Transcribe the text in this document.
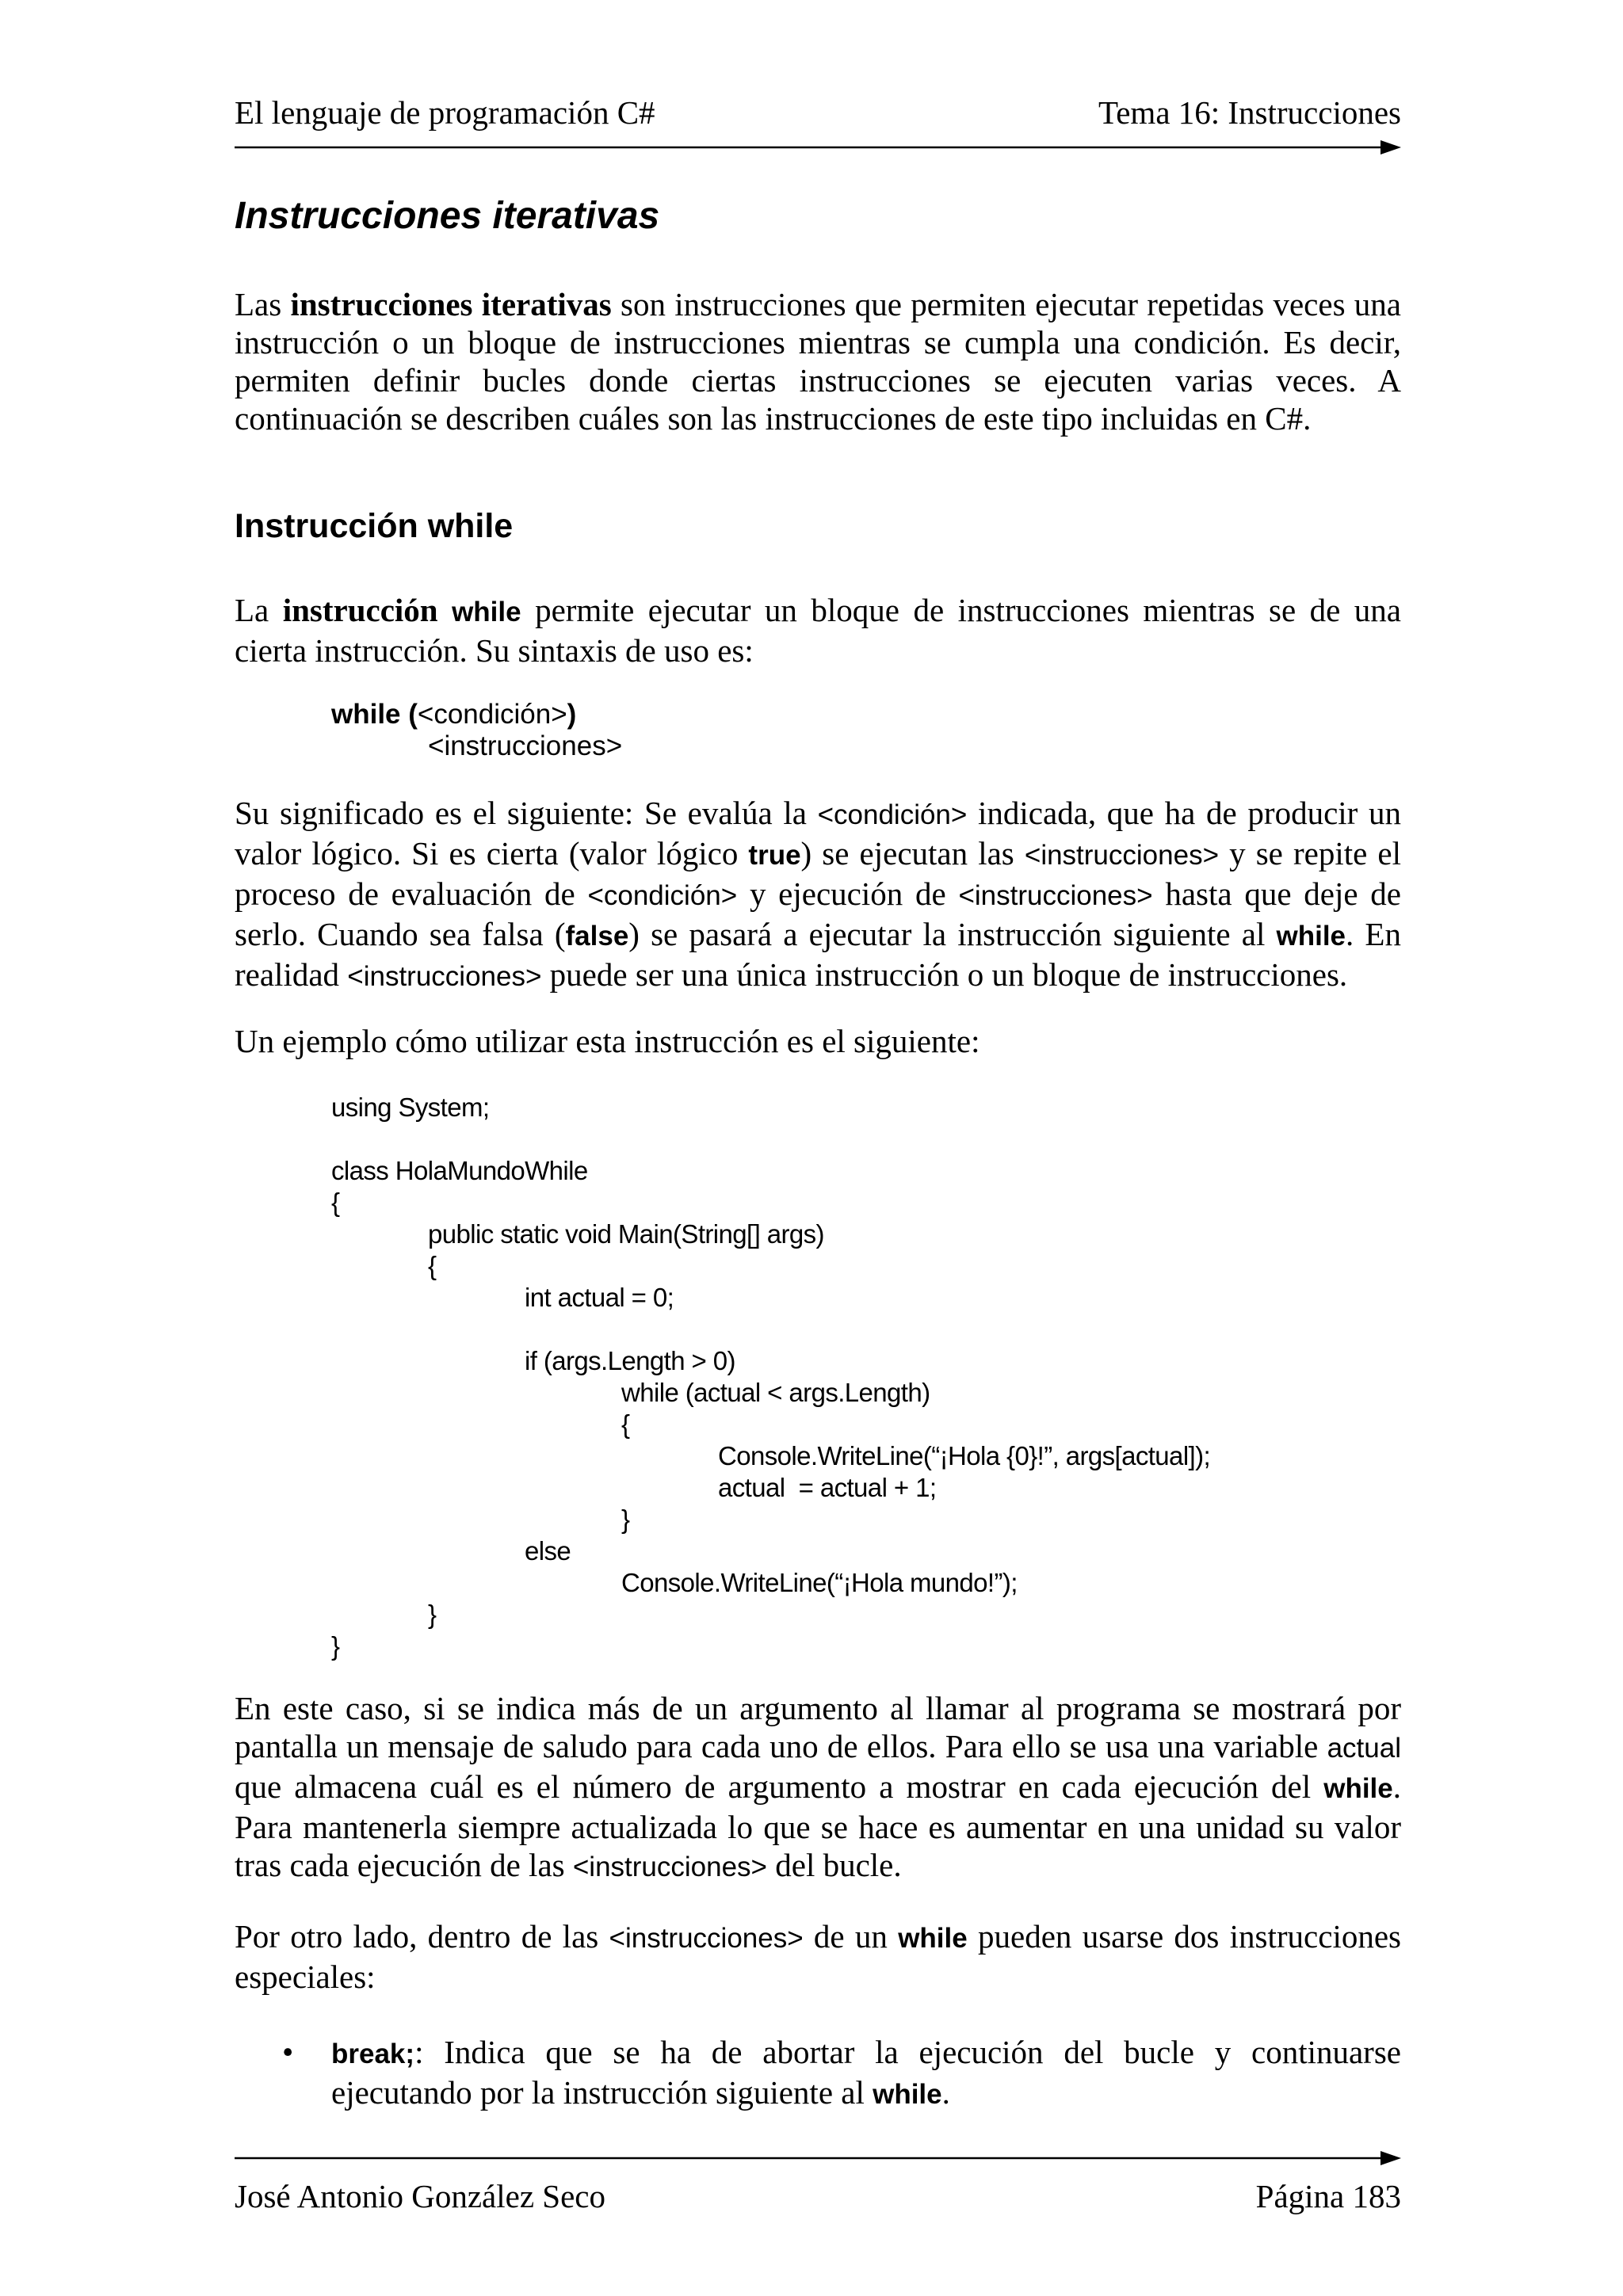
El lenguaje de programación C#	Tema 16: Instrucciones
Instrucciones iterativas

Las instrucciones iterativas son instrucciones que permiten ejecutar repetidas veces una instrucción o un bloque de instrucciones mientras se cumpla una condición. Es decir, permiten definir bucles donde ciertas instrucciones se ejecuten varias veces. A continuación se describen cuáles son las instrucciones de este tipo incluidas en C#.

Instrucción while

La instrucción while permite ejecutar un bloque de instrucciones mientras se de una cierta instrucción. Su sintaxis de uso es:

while (<condición>)
<instrucciones>

Su significado es el siguiente: Se evalúa la <condición> indicada, que ha de producir un valor lógico. Si es cierta (valor lógico true) se ejecutan las <instrucciones> y se repite el proceso de evaluación de <condición> y ejecución de <instrucciones> hasta que deje de serlo. Cuando sea falsa (false) se pasará a ejecutar la instrucción siguiente al while. En realidad <instrucciones> puede ser una única instrucción o un bloque de instrucciones.

Un ejemplo cómo utilizar esta instrucción es el siguiente:

using System;
class HolaMundoWhile
{
public static void Main(String[] args)
{
int actual = 0;
if (args.Length > 0)
while (actual < args.Length)
{
Console.WriteLine(“¡Hola {0}!”, args[actual]);
actual  = actual + 1;
}
else
Console.WriteLine(“¡Hola mundo!”);
}
}

En este caso, si se indica más de un argumento al llamar al programa se mostrará por pantalla un mensaje de saludo para cada uno de ellos. Para ello se usa una variable actual que almacena cuál es el número de argumento a mostrar en cada ejecución del while. Para mantenerla siempre actualizada lo que se hace es aumentar en una unidad su valor tras cada ejecución de las <instrucciones> del bucle.

Por otro lado, dentro de las <instrucciones> de un while pueden usarse dos instrucciones especiales:

• break;: Indica que se ha de abortar la ejecución del bucle y continuarse ejecutando por la instrucción siguiente al while.

José Antonio González Seco	Página 183
